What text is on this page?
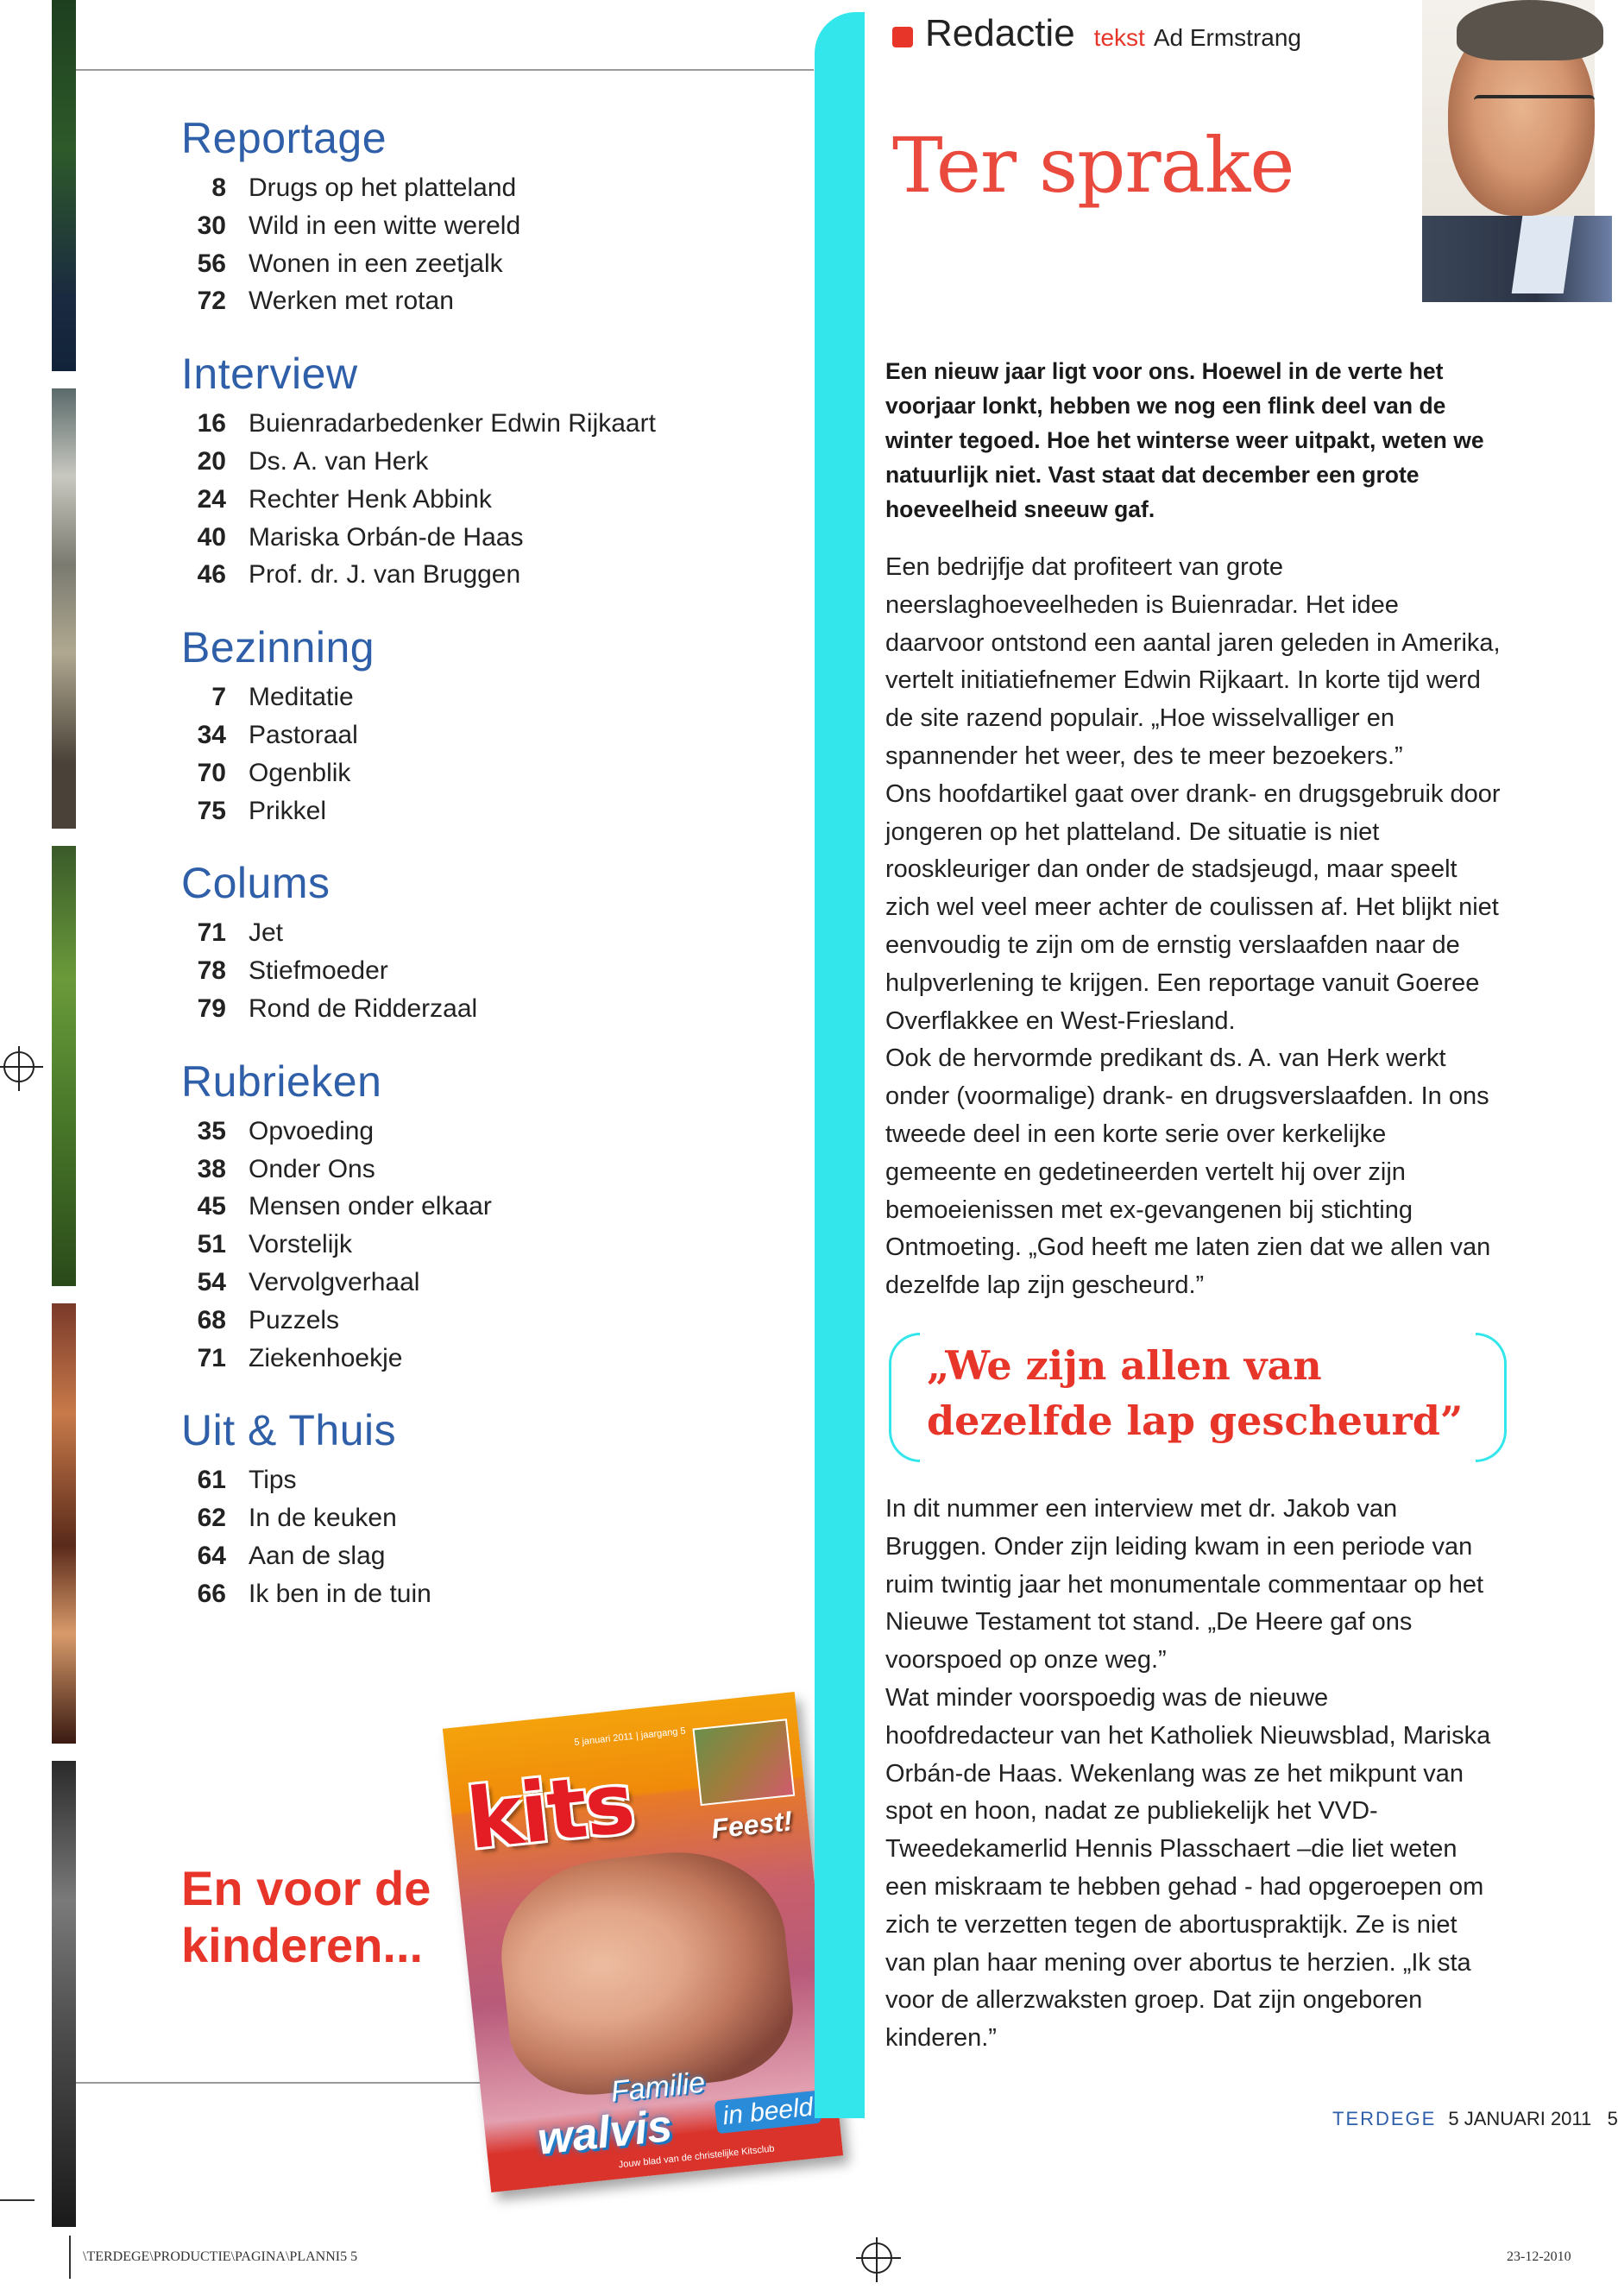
Reportage
8 Drugs op het platteland
30 Wild in een witte wereld
56 Wonen in een zeetjalk
72 Werken met rotan
Interview
16 Buienradarbedenker Edwin Rijkaart
20 Ds. A. van Herk
24 Rechter Henk Abbink
40 Mariska Orbán-de Haas
46 Prof. dr. J. van Bruggen
Bezinning
7 Meditatie
34 Pastoraal
70 Ogenblik
75 Prikkel
Colums
71 Jet
78 Stiefmoeder
79 Rond de Ridderzaal
Rubrieken
35 Opvoeding
38 Onder Ons
45 Mensen onder elkaar
51 Vorstelijk
54 Vervolgverhaal
68 Puzzels
71 Ziekenhoekje
Uit & Thuis
61 Tips
62 In de keuken
64 Aan de slag
66 Ik ben in de tuin
En voor de kinderen...
5 januari 2011 | jaargang 5
kits	Feest!
Familie
walvis in beeld
Jouw blad van de christelijke Kitsclub
Redactie tekst Ad Ermstrang
Ter sprake

Een nieuw jaar ligt voor ons. Hoewel in de verte het voorjaar lonkt, hebben we nog een flink deel van de winter tegoed. Hoe het winterse weer uitpakt, weten we natuurlijk niet. Vast staat dat december een grote hoeveelheid sneeuw gaf.

Een bedrijfje dat profiteert van grote neerslaghoeveelheden is Buienradar. Het idee daarvoor ontstond een aantal jaren geleden in Amerika, vertelt initiatiefnemer Edwin Rijkaart. In korte tijd werd de site razend populair. „Hoe wisselvalliger en spannender het weer, des te meer bezoekers.”

Ons hoofdartikel gaat over drank- en drugsgebruik door jongeren op het platteland. De situatie is niet rooskleuriger dan onder de stadsjeugd, maar speelt zich wel veel meer achter de coulissen af. Het blijkt niet eenvoudig te zijn om de ernstig verslaafden naar de hulpverlening te krijgen. Een reportage vanuit Goeree Overflakkee en West-Friesland.

Ook de hervormde predikant ds. A. van Herk werkt onder (voormalige) drank- en drugsverslaafden. In ons tweede deel in een korte serie over kerkelijke gemeente en gedetineerden vertelt hij over zijn bemoeienissen met ex-gevangenen bij stichting Ontmoeting. „God heeft me laten zien dat we allen van dezelfde lap zijn gescheurd.”

„We zijn allen van dezelfde lap gescheurd”

In dit nummer een interview met dr. Jakob van Bruggen. Onder zijn leiding kwam in een periode van ruim twintig jaar het monumentale commentaar op het Nieuwe Testament tot stand. „De Heere gaf ons voorspoed op onze weg.”

Wat minder voorspoedig was de nieuwe hoofdredacteur van het Katholiek Nieuwsblad, Mariska Orbán-de Haas. Wekenlang was ze het mikpunt van spot en hoon, nadat ze publiekelijk het VVD-Tweedekamerlid Hennis Plasschaert –die liet weten een miskraam te hebben gehad - had opgeroepen om zich te verzetten tegen de abortuspraktijk. Ze is niet van plan haar mening over abortus te herzien. „Ik sta voor de allerzwaksten groep. Dat zijn ongeboren kinderen.”

TERDEGE 5 JANUARI 2011 5
\TERDEGE\PRODUCTIE\PAGINA\PLANNI5 5	23-12-2010
